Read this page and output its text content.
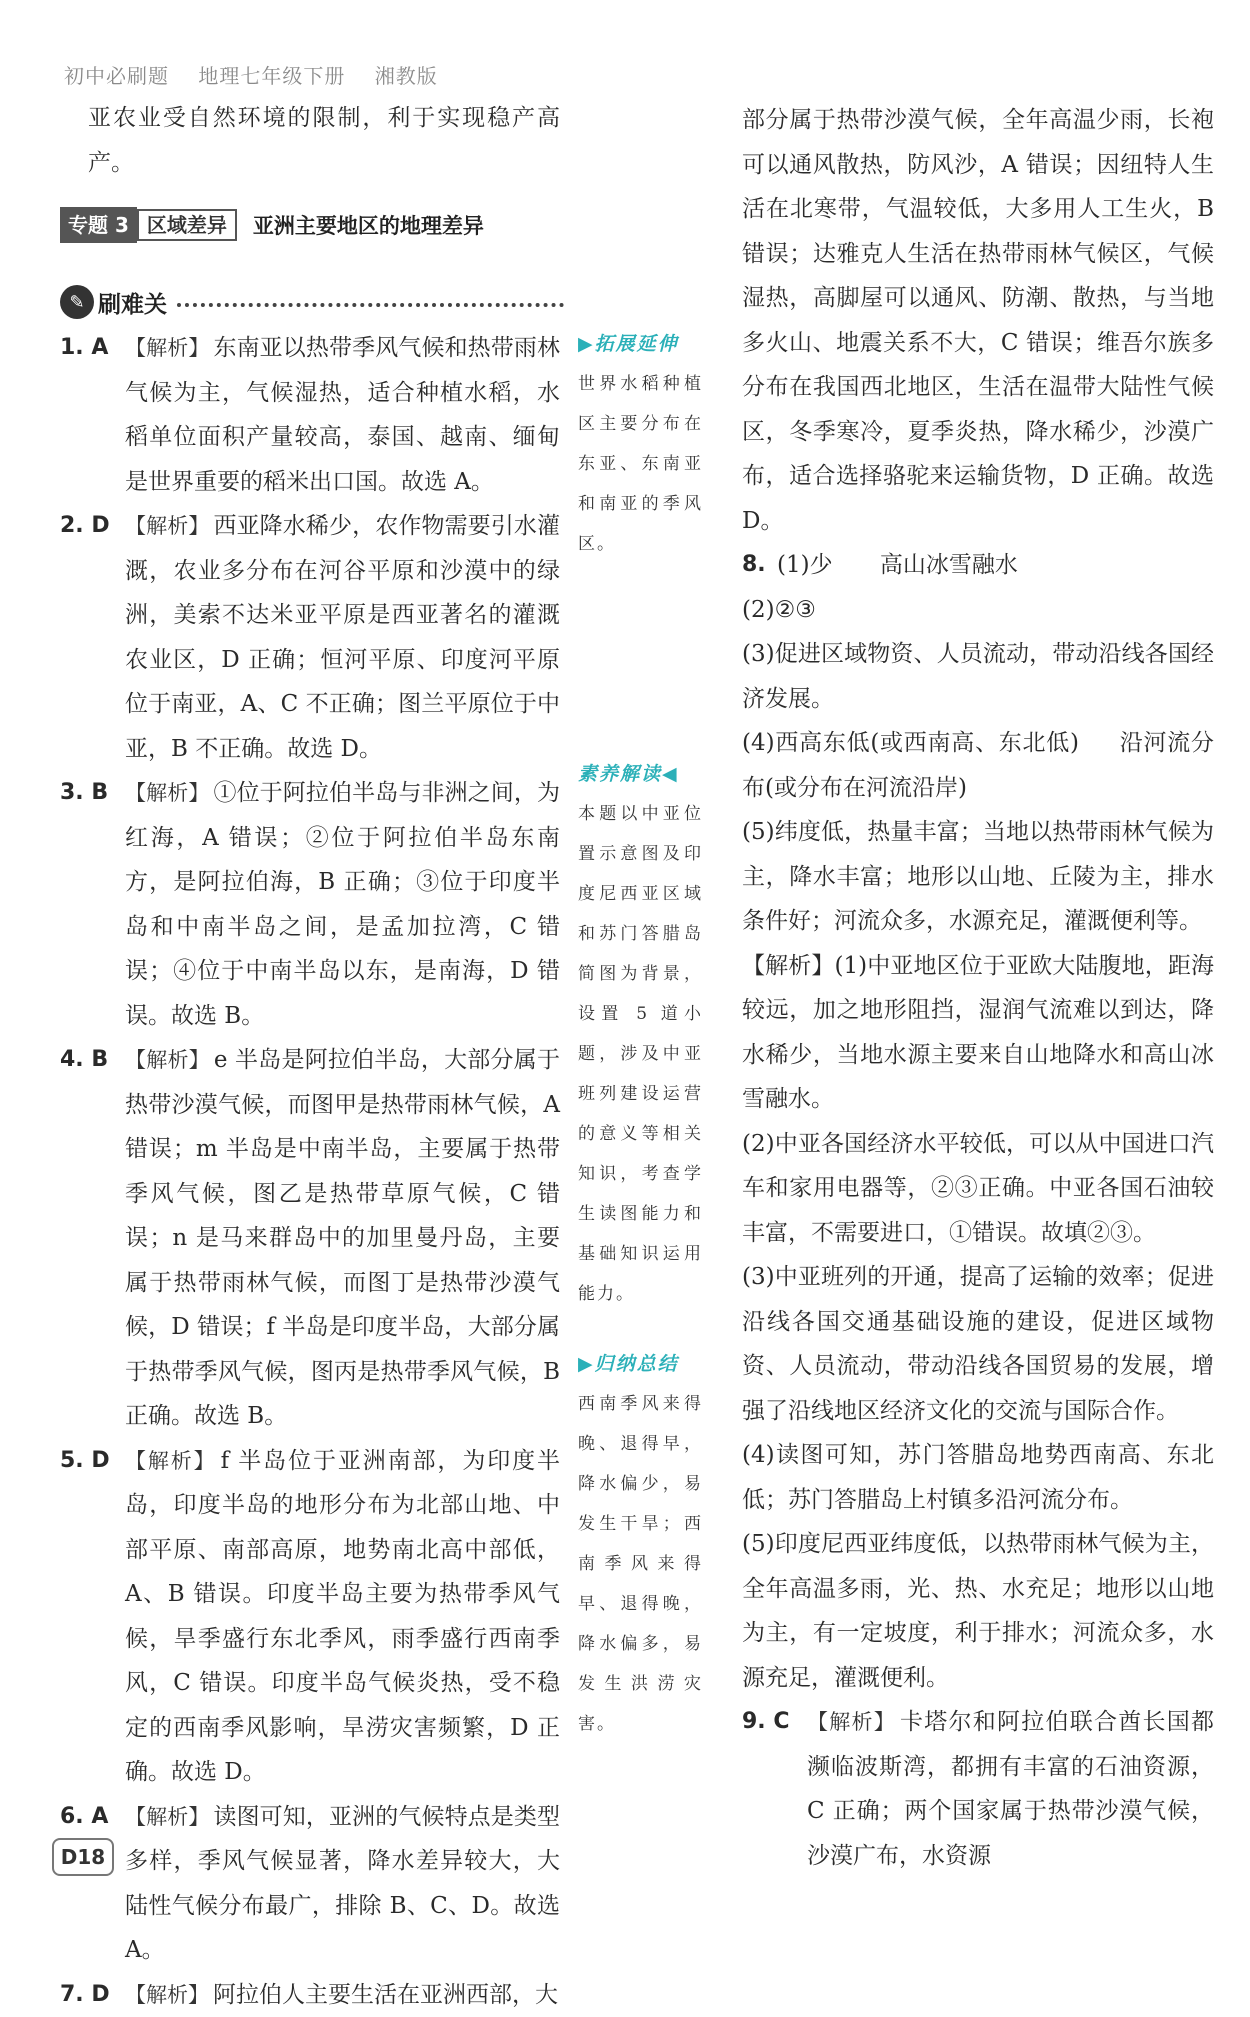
初中必刷题 地理七年级下册 湘教版

亚农业受自然环境的限制，利于实现稳产高产。

专题 3 区域差异	亚洲主要地区的地理差异
✎ 刷难关
1. A 【解析】 东南亚以热带季风气候和热带雨林气候为主，气候湿热，适合种植水稻，水稻单位面积产量较高，泰国、越南、缅甸是世界重要的稻米出口国。故选 A。
2. D 【解析】 西亚降水稀少，农作物需要引水灌溉，农业多分布在河谷平原和沙漠中的绿洲，美索不达米亚平原是西亚著名的灌溉农业区，D 正确；恒河平原、印度河平原位于南亚，A、C 不正确；图兰平原位于中亚，B 不正确。故选 D。
3. B 【解析】 ①位于阿拉伯半岛与非洲之间，为红海，A 错误；②位于阿拉伯半岛东南方，是阿拉伯海，B 正确；③位于印度半岛和中南半岛之间，是孟加拉湾，C 错误；④位于中南半岛以东，是南海，D 错误。故选 B。
4. B 【解析】 e 半岛是阿拉伯半岛，大部分属于热带沙漠气候，而图甲是热带雨林气候，A 错误；m 半岛是中南半岛，主要属于热带季风气候，图乙是热带草原气候，C 错误；n 是马来群岛中的加里曼丹岛，主要属于热带雨林气候，而图丁是热带沙漠气候，D 错误；f 半岛是印度半岛，大部分属于热带季风气候，图丙是热带季风气候，B 正确。故选 B。
5. D 【解析】 f 半岛位于亚洲南部，为印度半岛，印度半岛的地形分布为北部山地、中部平原、南部高原，地势南北高中部低，A、B 错误。印度半岛主要为热带季风气候，旱季盛行东北季风，雨季盛行西南季风，C 错误。印度半岛气候炎热，受不稳定的西南季风影响，旱涝灾害频繁，D 正确。故选 D。
6. A 【解析】 读图可知，亚洲的气候特点是类型多样，季风气候显著，降水差异较大，大陆性气候分布最广，排除 B、C、D。故选 A。
7. D 【解析】 阿拉伯人主要生活在亚洲西部，大
▶拓展延伸

世界水稻种植区主要分布在东亚、东南亚和南亚的季风区。

素养解读◀

本题以中亚位置示意图及印度尼西亚区域和苏门答腊岛简图为背景，设置 5 道小题，涉及中亚班列建设运营的意义等相关知识，考查学生读图能力和基础知识运用能力。

▶归纳总结

西南季风来得晚、退得早，降水偏少，易发生干旱；西南季风来得早、退得晚，降水偏多，易发生洪涝灾害。

部分属于热带沙漠气候，全年高温少雨，长袍可以通风散热，防风沙，A 错误；因纽特人生活在北寒带，气温较低，大多用人工生火，B 错误；达雅克人生活在热带雨林气候区，气候湿热，高脚屋可以通风、防潮、散热，与当地多火山、地震关系不大，C 错误；维吾尔族多分布在我国西北地区，生活在温带大陆性气候区，冬季寒冷，夏季炎热，降水稀少，沙漠广布，适合选择骆驼来运输货物，D 正确。故选 D。

8. (1)少 高山冰雪融水

(2)②③

(3)促进区域物资、人员流动，带动沿线各国经济发展。

(4)西高东低(或西南高、东北低) 沿河流分布(或分布在河流沿岸)

(5)纬度低，热量丰富；当地以热带雨林气候为主，降水丰富；地形以山地、丘陵为主，排水条件好；河流众多，水源充足，灌溉便利等。

【解析】(1)中亚地区位于亚欧大陆腹地，距海较远，加之地形阻挡，湿润气流难以到达，降水稀少，当地水源主要来自山地降水和高山冰雪融水。

(2)中亚各国经济水平较低，可以从中国进口汽车和家用电器等，②③正确。中亚各国石油较丰富，不需要进口，①错误。故填②③。

(3)中亚班列的开通，提高了运输的效率；促进沿线各国交通基础设施的建设，促进区域物资、人员流动，带动沿线各国贸易的发展，增强了沿线地区经济文化的交流与国际合作。

(4)读图可知，苏门答腊岛地势西南高、东北低；苏门答腊岛上村镇多沿河流分布。

(5)印度尼西亚纬度低，以热带雨林气候为主，全年高温多雨，光、热、水充足；地形以山地为主，有一定坡度，利于排水；河流众多，水源充足，灌溉便利。

9. C 【解析】 卡塔尔和阿拉伯联合酋长国都濒临波斯湾，都拥有丰富的石油资源，C 正确；两个国家属于热带沙漠气候，沙漠广布，水资源
D18
